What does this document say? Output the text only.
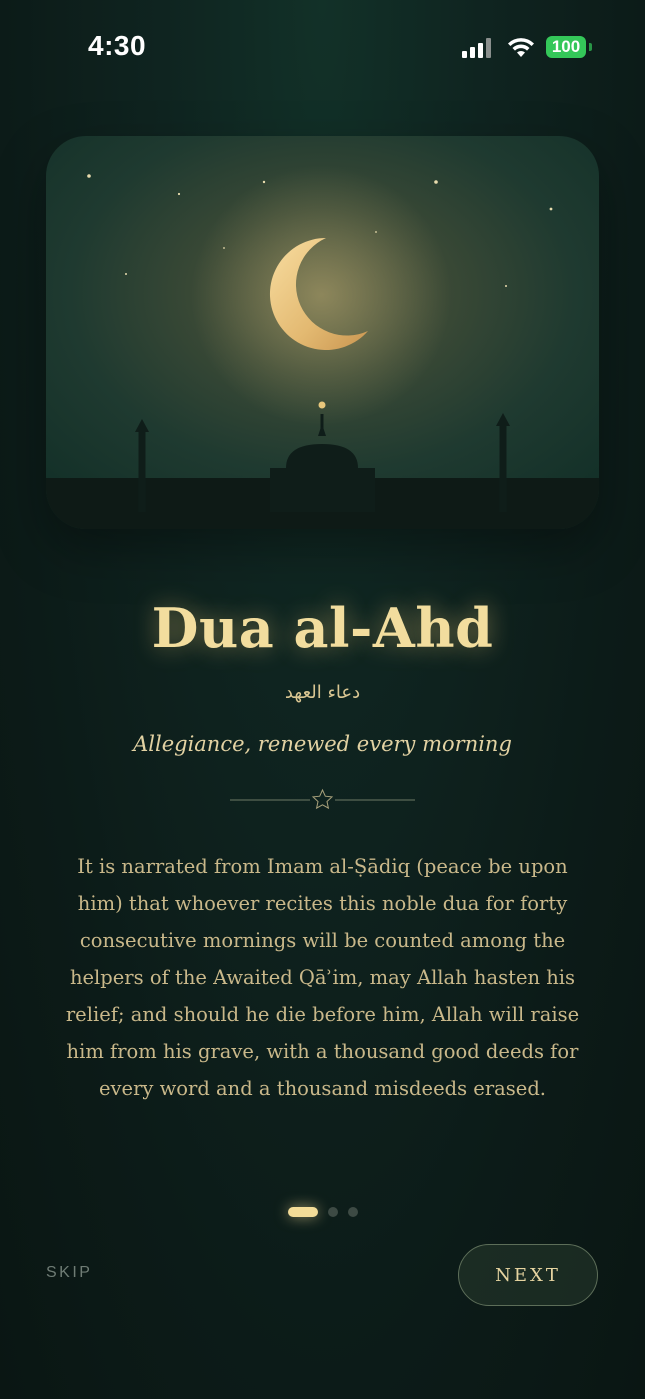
4:30	100
Dua al-Ahd
دعاء العهد
Allegiance, renewed every morning

It is narrated from Imam al-Ṣādiq (peace be upon him) that whoever recites this noble dua for forty consecutive mornings will be counted among the helpers of the Awaited Qāʾim, may Allah hasten his relief; and should he die before him, Allah will raise him from his grave, with a thousand good deeds for every word and a thousand misdeeds erased.

SKIP	NEXT
